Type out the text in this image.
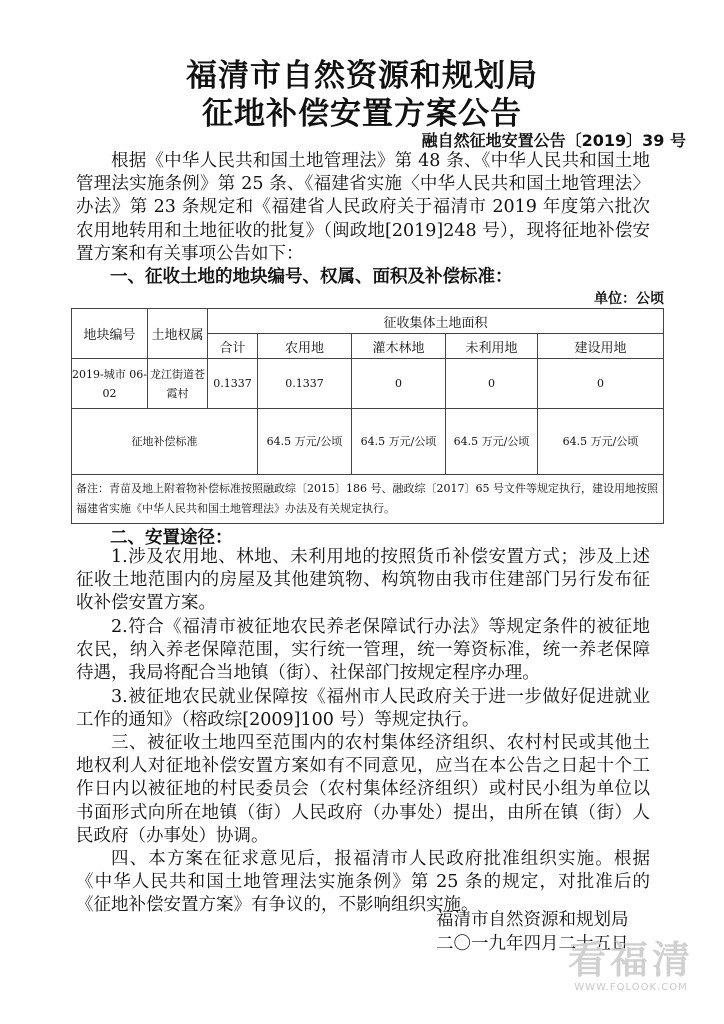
福清市自然资源和规划局
征地补偿安置方案公告
融自然征地安置公告〔2019〕39 号

根据《中华人民共和国土地管理法》第 48 条、《中华人民共和国土地管理法实施条例》第 25 条、《福建省实施〈中华人民共和国土地管理法〉办法》第 23 条规定和《福建省人民政府关于福清市 2019 年度第六批次农用地转用和土地征收的批复》（闽政地[2019]248 号），现将征地补偿安置方案和有关事项公告如下：

一、征收土地的地块编号、权属、面积及补偿标准：

单位：公顷
地块编号	土地权属	征收集体土地面积				
		合计	农用地	灌木林地	未利用地	建设用地
2019-城市 06-02	龙江街道苍霞村	0.1337	0.1337	0	0	0
征地补偿标准			64.5 万元/公顷	64.5 万元/公顷	64.5 万元/公顷	64.5 万元/公顷
备注：青苗及地上附着物补偿标准按照融政综〔2015〕186 号、融政综〔2017〕65 号文件等规定执行，建设用地按照福建省实施《中华人民共和国土地管理法》办法及有关规定执行。						

二、安置途径：

1.涉及农用地、林地、未利用地的按照货币补偿安置方式；涉及上述征收土地范围内的房屋及其他建筑物、构筑物由我市住建部门另行发布征收补偿安置方案。

2.符合《福清市被征地农民养老保障试行办法》等规定条件的被征地农民，纳入养老保障范围，实行统一管理，统一筹资标准，统一养老保障待遇，我局将配合当地镇（街）、社保部门按规定程序办理。

3.被征地农民就业保障按《福州市人民政府关于进一步做好促进就业工作的通知》（榕政综[2009]100 号）等规定执行。

三、被征收土地四至范围内的农村集体经济组织、农村村民或其他土地权利人对征地补偿安置方案如有不同意见，应当在本公告之日起十个工作日内以被征地的村民委员会（农村集体经济组织）或村民小组为单位以书面形式向所在地镇（街）人民政府（办事处）提出，由所在镇（街）人民政府（办事处）协调。

四、本方案在征求意见后，报福清市人民政府批准组织实施。根据《中华人民共和国土地管理法实施条例》第 25 条的规定，对批准后的《征地补偿安置方案》有争议的，不影响组织实施。

福清市自然资源和规划局

二〇一九年四月二十五日

看福清
WWW.FQLOOK.COM
